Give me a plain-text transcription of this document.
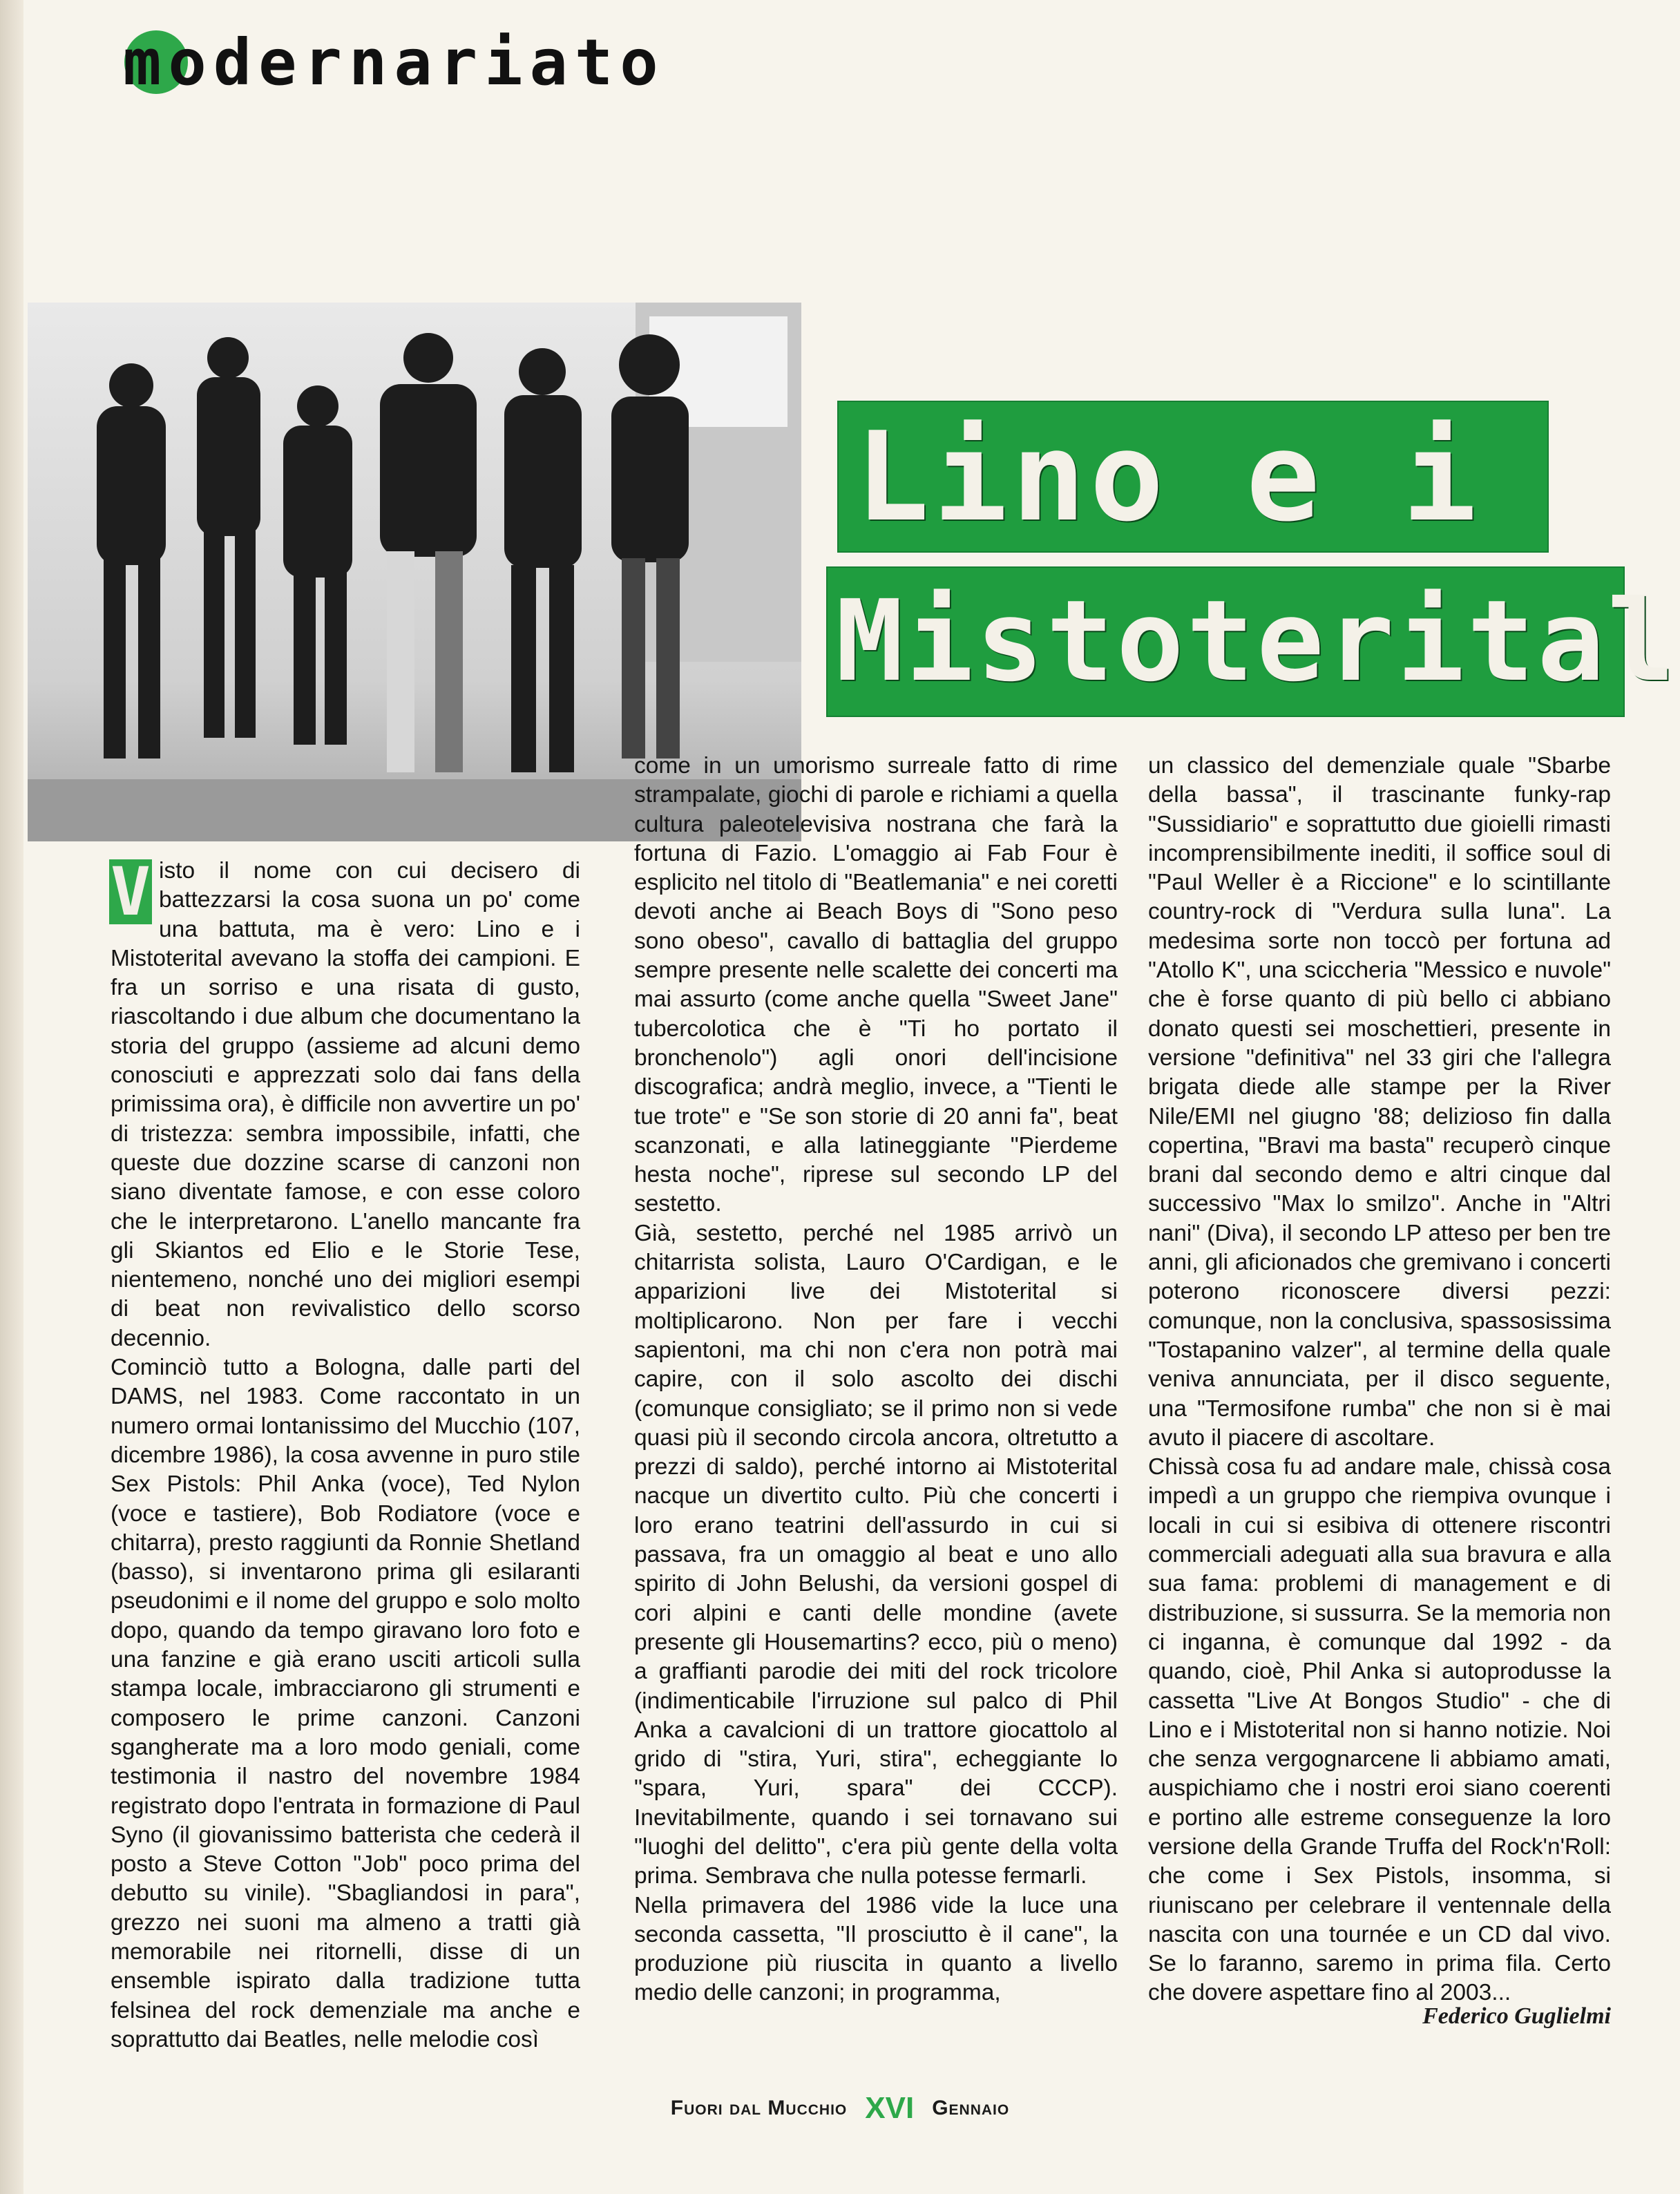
modernariato
Lino e i
Mistoterital

V isto il nome con cui decisero di battezzarsi la cosa suona un po' come una battuta, ma è vero: Lino e i Mistoterital avevano la stoffa dei campioni. E fra un sorriso e una risata di gusto, riascoltando i due album che documentano la storia del gruppo (assieme ad alcuni demo conosciuti e apprezzati solo dai fans della primissima ora), è difficile non avvertire un po' di tristezza: sembra impossibile, infatti, che queste due dozzine scarse di canzoni non siano diventate famose, e con esse coloro che le interpretarono. L'anello mancante fra gli Skiantos ed Elio e le Storie Tese, nientemeno, nonché uno dei migliori esempi di beat non revivalistico dello scorso decennio.

Cominciò tutto a Bologna, dalle parti del DAMS, nel 1983. Come raccontato in un numero ormai lontanissimo del Mucchio (107, dicembre 1986), la cosa avvenne in puro stile Sex Pistols: Phil Anka (voce), Ted Nylon (voce e tastiere), Bob Rodiatore (voce e chitarra), presto raggiunti da Ronnie Shetland (basso), si inventarono prima gli esilaranti pseudonimi e il nome del gruppo e solo molto dopo, quando da tempo giravano loro foto e una fanzine e già erano usciti articoli sulla stampa locale, imbracciarono gli strumenti e composero le prime canzoni. Canzoni sgangherate ma a loro modo geniali, come testimonia il nastro del novembre 1984 registrato dopo l'entrata in formazione di Paul Syno (il giovanissimo batterista che cederà il posto a Steve Cotton "Job" poco prima del debutto su vinile). "Sbagliandosi in para", grezzo nei suoni ma almeno a tratti già memorabile nei ritornelli, disse di un ensemble ispirato dalla tradizione tutta felsinea del rock demenziale ma anche e soprattutto dai Beatles, nelle melodie così

come in un umorismo surreale fatto di rime strampalate, giochi di parole e richiami a quella cultura paleotelevisiva nostrana che farà la fortuna di Fazio. L'omaggio ai Fab Four è esplicito nel titolo di "Beatlemania" e nei coretti devoti anche ai Beach Boys di "Sono peso sono obeso", cavallo di battaglia del gruppo sempre presente nelle scalette dei concerti ma mai assurto (come anche quella "Sweet Jane" tubercolotica che è "Ti ho portato il bronchenolo") agli onori dell'incisione discografica; andrà meglio, invece, a "Tienti le tue trote" e "Se son storie di 20 anni fa", beat scanzonati, e alla latineggiante "Pierdeme hesta noche", riprese sul secondo LP del sestetto.

Già, sestetto, perché nel 1985 arrivò un chitarrista solista, Lauro O'Cardigan, e le apparizioni live dei Mistoterital si moltiplicarono. Non per fare i vecchi sapientoni, ma chi non c'era non potrà mai capire, con il solo ascolto dei dischi (comunque consigliato; se il primo non si vede quasi più il secondo circola ancora, oltretutto a prezzi di saldo), perché intorno ai Mistoterital nacque un divertito culto. Più che concerti i loro erano teatrini dell'assurdo in cui si passava, fra un omaggio al beat e uno allo spirito di John Belushi, da versioni gospel di cori alpini e canti delle mondine (avete presente gli Housemartins? ecco, più o meno) a graffianti parodie dei miti del rock tricolore (indimenticabile l'irruzione sul palco di Phil Anka a cavalcioni di un trattore giocattolo al grido di "stira, Yuri, stira", echeggiante lo "spara, Yuri, spara" dei CCCP). Inevitabilmente, quando i sei tornavano sui "luoghi del delitto", c'era più gente della volta prima. Sembrava che nulla potesse fermarli.

Nella primavera del 1986 vide la luce una seconda cassetta, "Il prosciutto è il cane", la produzione più riuscita in quanto a livello medio delle canzoni; in programma,

un classico del demenziale quale "Sbarbe della bassa", il trascinante funky-rap "Sussidiario" e soprattutto due gioielli rimasti incomprensibilmente inediti, il soffice soul di "Paul Weller è a Riccione" e lo scintillante country-rock di "Verdura sulla luna". La medesima sorte non toccò per fortuna ad "Atollo K", una sciccheria "Messico e nuvole" che è forse quanto di più bello ci abbiano donato questi sei moschettieri, presente in versione "definitiva" nel 33 giri che l'allegra brigata diede alle stampe per la River Nile/EMI nel giugno '88; delizioso fin dalla copertina, "Bravi ma basta" recuperò cinque brani dal secondo demo e altri cinque dal successivo "Max lo smilzo". Anche in "Altri nani" (Diva), il secondo LP atteso per ben tre anni, gli aficionados che gremivano i concerti poterono riconoscere diversi pezzi: comunque, non la conclusiva, spassosissima "Tostapanino valzer", al termine della quale veniva annunciata, per il disco seguente, una "Termosifone rumba" che non si è mai avuto il piacere di ascoltare.

Chissà cosa fu ad andare male, chissà cosa impedì a un gruppo che riempiva ovunque i locali in cui si esibiva di ottenere riscontri commerciali adeguati alla sua bravura e alla sua fama: problemi di management e di distribuzione, si sussurra. Se la memoria non ci inganna, è comunque dal 1992 - da quando, cioè, Phil Anka si autoprodusse la cassetta "Live At Bongos Studio" - che di Lino e i Mistoterital non si hanno notizie. Noi che senza vergognarcene li abbiamo amati, auspichiamo che i nostri eroi siano coerenti e portino alle estreme conseguenze la loro versione della Grande Truffa del Rock'n'Roll: che come i Sex Pistols, insomma, si riuniscano per celebrare il ventennale della nascita con una tournée e un CD dal vivo. Se lo faranno, saremo in prima fila. Certo che dovere aspettare fino al 2003...

Federico Guglielmi
Fuori dal Mucchio XVI Gennaio
